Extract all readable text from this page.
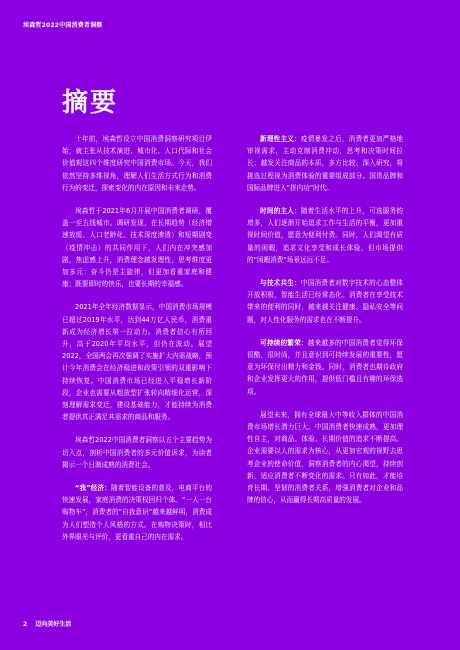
埃森哲2022中国消费者洞察
摘要

十年前，埃森哲设立中国消费洞察研究项目伊始，就主张从技术演进、城市化、人口代际和社会价值观这四个维度研究中国消费市场。今天，我们依然坚持多维视角，理解人们生活方式行为和消费行为的变迁，探索变化的内在原因和未来走势。

埃森哲于2021年6月开展中国消费者调研，覆盖一至五线城市。调研发现，在长期趋势（经济增速放缓、人口老龄化、技术深度渗透）和短期剧变（疫情冲击）的共同作用下，人们内在冲突感加剧，焦虑感上升，消费理念越发理性，思考维度更加多元：奋斗仍是主旋律，但更加看重家庭和健康；既要即时的快乐，也要长期的幸福感。

2021年全年经济数据显示，中国消费市场规模已超过2019年水平，达到44万亿人民币，消费重新成为经济增长第一拉动力。消费者信心有所回升，高于2020年平均水平，但仍在波动。展望2022，全国两会再次强调了实施扩大内需战略，预计今年消费会在经济稳进和政策引领的双重影响下持续恢复。中国消费市场已经进入平稳增长新阶段，企业也需要从粗放型扩张转向精细化运营，深刻理解需求变迁，建设基础能力，才能持续为消费者提供真正满足其需求的商品和服务。

埃森哲2022中国消费者洞察以五个主要趋势为切入点，剖析中国消费者的多元价值诉求，为读者揭示一个日渐成熟的消费社会。

“我”经济：随着智能设备的普及，电商平台的快速发展，家庭消费的决策权回归个体。“一人一台购物车”，消费者的“自我意识”越来越鲜明，消费成为人们塑造个人风格的方式。在购物决策时，相比外界眼光与评价，更看重自己的内在需求。

新理性主义：疫情暴发之后，消费者更加严格地审视需求，主动克制消费冲动，思考和决策时间拉长；越发关注商品的本质，多方比较、深入研究，将挑选过程视为消费体验的重要组成部分。国货品牌和国际品牌进入“拼内功”时代。

时间的主人：随着生活水平的上升，可选服务的增多，人们逐渐开始追求工作与生活的平衡，更加重视时间价值，愿意为便利付费。同时，人们渴望有质量的闲暇，追求文化享受和成长体验，但市场提供的“闲暇消费”场景远远不足。

与技术共生：中国消费者对数字技术的心态整体开放积极，智能生活已经常态化。消费者在享受技术带来的便利的同时，越来越关注健康、隐私安全等问题，对人性化服务的需求也在不断提升。

可持续的繁荣：越来越多的中国消费者觉得环保很酷，很时尚，并且意识到可持续发展的重要性，愿意为环保付出精力和金钱。同时，消费者也期待政府和企业发挥更大的作用，提供低门槛且有趣的环保选项。

展望未来，拥有全球最大中等收入群体的中国消费市场增长潜力巨大。中国消费者快速成熟，更加理性自主，对商品、体验、长期价值的追求不断提高。企业需要以人的需求为核心，从更加宏观的视野去思考企业的使命价值，洞察消费者的内心渴望，持续创新，适应消费者不断变化的需求。只有如此，才能培育长期、坚韧的消费者关系，增强消费者对企业和品牌的信心，从而赢得长期高质量的发展。

2 迈向美好生活
